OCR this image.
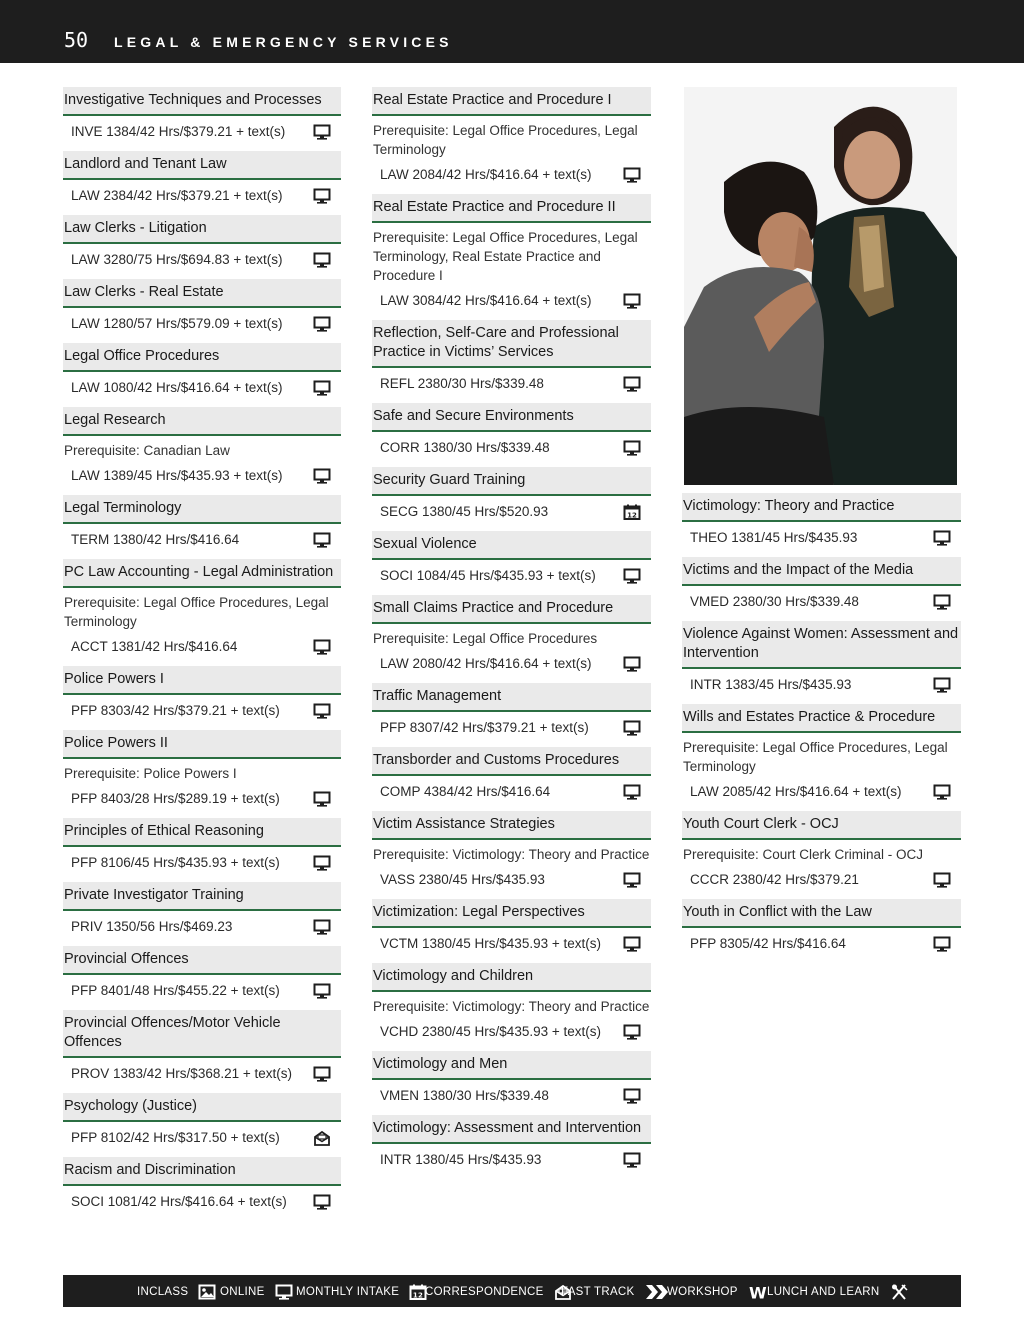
50 LEGAL & EMERGENCY SERVICES
Investigative Techniques and Processes
INVE 1384/42 Hrs/$379.21 + text(s)
Landlord and Tenant Law
LAW 2384/42 Hrs/$379.21 + text(s)
Law Clerks - Litigation
LAW 3280/75 Hrs/$694.83 + text(s)
Law Clerks - Real Estate
LAW 1280/57 Hrs/$579.09 + text(s)
Legal Office Procedures
LAW 1080/42 Hrs/$416.64 + text(s)
Legal Research
Prerequisite: Canadian Law
LAW 1389/45 Hrs/$435.93 + text(s)
Legal Terminology
TERM 1380/42 Hrs/$416.64
PC Law Accounting - Legal Administration
Prerequisite: Legal Office Procedures, Legal Terminology
ACCT 1381/42 Hrs/$416.64
Police Powers I
PFP 8303/42 Hrs/$379.21 + text(s)
Police Powers II
Prerequisite: Police Powers I
PFP 8403/28 Hrs/$289.19 + text(s)
Principles of Ethical Reasoning
PFP 8106/45 Hrs/$435.93 + text(s)
Private Investigator Training
PRIV 1350/56 Hrs/$469.23
Provincial Offences
PFP 8401/48 Hrs/$455.22 + text(s)
Provincial Offences/Motor Vehicle Offences
PROV 1383/42 Hrs/$368.21 + text(s)
Psychology (Justice)
PFP 8102/42 Hrs/$317.50 + text(s)
Racism and Discrimination
SOCI 1081/42 Hrs/$416.64 + text(s)
Real Estate Practice and Procedure I
Prerequisite: Legal Office Procedures, Legal Terminology
LAW 2084/42 Hrs/$416.64 + text(s)
Real Estate Practice and Procedure II
Prerequisite: Legal Office Procedures, Legal Terminology, Real Estate Practice and Procedure I
LAW 3084/42 Hrs/$416.64 + text(s)
Reflection, Self-Care and Professional Practice in Victims’ Services
REFL 2380/30 Hrs/$339.48
Safe and Secure Environments
CORR 1380/30 Hrs/$339.48
Security Guard Training
SECG 1380/45 Hrs/$520.93	12
Sexual Violence
SOCI 1084/45 Hrs/$435.93 + text(s)
Small Claims Practice and Procedure
Prerequisite: Legal Office Procedures
LAW 2080/42 Hrs/$416.64 + text(s)
Traffic Management
PFP 8307/42 Hrs/$379.21 + text(s)
Transborder and Customs Procedures
COMP 4384/42 Hrs/$416.64
Victim Assistance Strategies
Prerequisite: Victimology: Theory and Practice
VASS 2380/45 Hrs/$435.93
Victimization: Legal Perspectives
VCTM 1380/45 Hrs/$435.93 + text(s)
Victimology and Children
Prerequisite: Victimology: Theory and Practice
VCHD 2380/45 Hrs/$435.93 + text(s)
Victimology and Men
VMEN 1380/30 Hrs/$339.48
Victimology: Assessment and Intervention
INTR 1380/45 Hrs/$435.93
Victimology: Theory and Practice
THEO 1381/45 Hrs/$435.93
Victims and the Impact of the Media
VMED 2380/30 Hrs/$339.48
Violence Against Women: Assessment and Intervention
INTR 1383/45 Hrs/$435.93
Wills and Estates Practice & Procedure
Prerequisite: Legal Office Procedures, Legal Terminology
LAW 2085/42 Hrs/$416.64 + text(s)
Youth Court Clerk - OCJ
Prerequisite: Court Clerk Criminal - OCJ
CCCR 2380/42 Hrs/$379.21
Youth in Conflict with the Law
PFP 8305/42 Hrs/$416.64
INCLASS	ONLINE	MONTHLY INTAKE 12 CORRESPONDENCE FAST TRACK	WORKSHOP W LUNCH AND LEARN
